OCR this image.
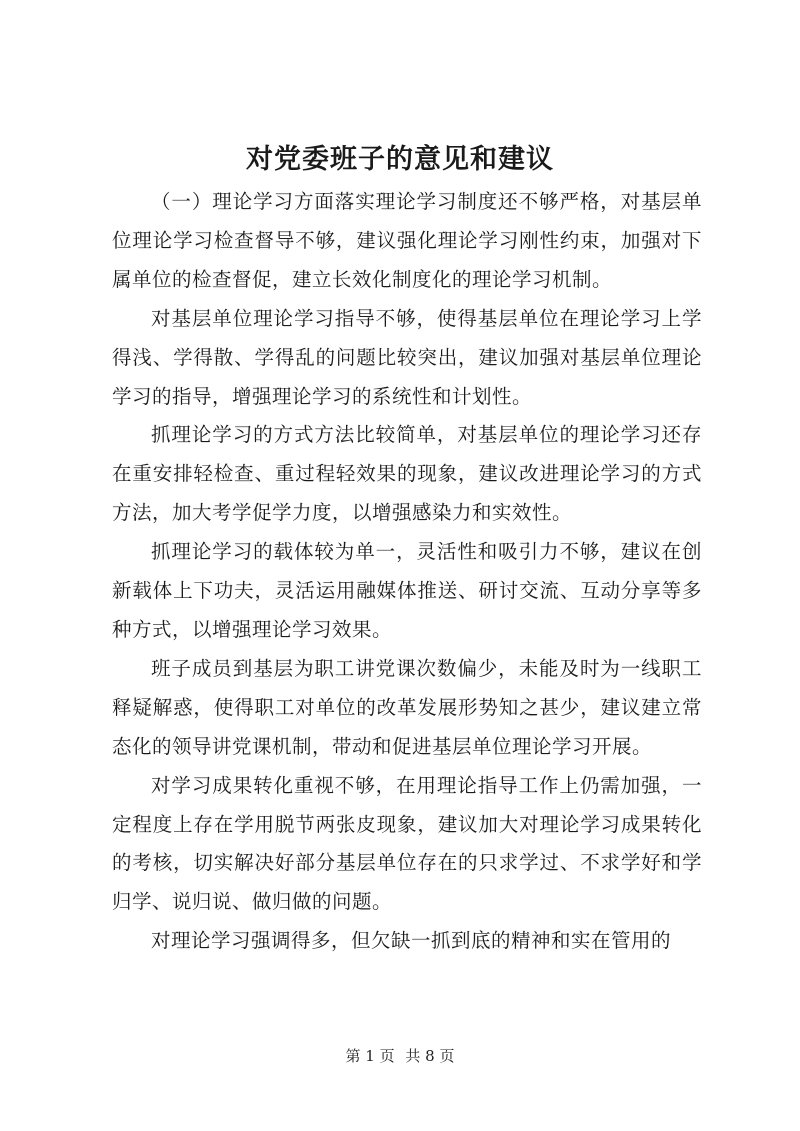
对党委班子的意见和建议

（一）理论学习方面落实理论学习制度还不够严格，对基层单位理论学习检查督导不够，建议强化理论学习刚性约束，加强对下属单位的检查督促，建立长效化制度化的理论学习机制。

对基层单位理论学习指导不够，使得基层单位在理论学习上学得浅、学得散、学得乱的问题比较突出，建议加强对基层单位理论学习的指导，增强理论学习的系统性和计划性。

抓理论学习的方式方法比较简单，对基层单位的理论学习还存在重安排轻检查、重过程轻效果的现象，建议改进理论学习的方式方法，加大考学促学力度，以增强感染力和实效性。

抓理论学习的载体较为单一，灵活性和吸引力不够，建议在创新载体上下功夫，灵活运用融媒体推送、研讨交流、互动分享等多种方式，以增强理论学习效果。

班子成员到基层为职工讲党课次数偏少，未能及时为一线职工释疑解惑，使得职工对单位的改革发展形势知之甚少，建议建立常态化的领导讲党课机制，带动和促进基层单位理论学习开展。

对学习成果转化重视不够，在用理论指导工作上仍需加强，一定程度上存在学用脱节两张皮现象，建议加大对理论学习成果转化的考核，切实解决好部分基层单位存在的只求学过、不求学好和学归学、说归说、做归做的问题。

对理论学习强调得多，但欠缺一抓到底的精神和实在管用的

第 1 页 共 8 页
